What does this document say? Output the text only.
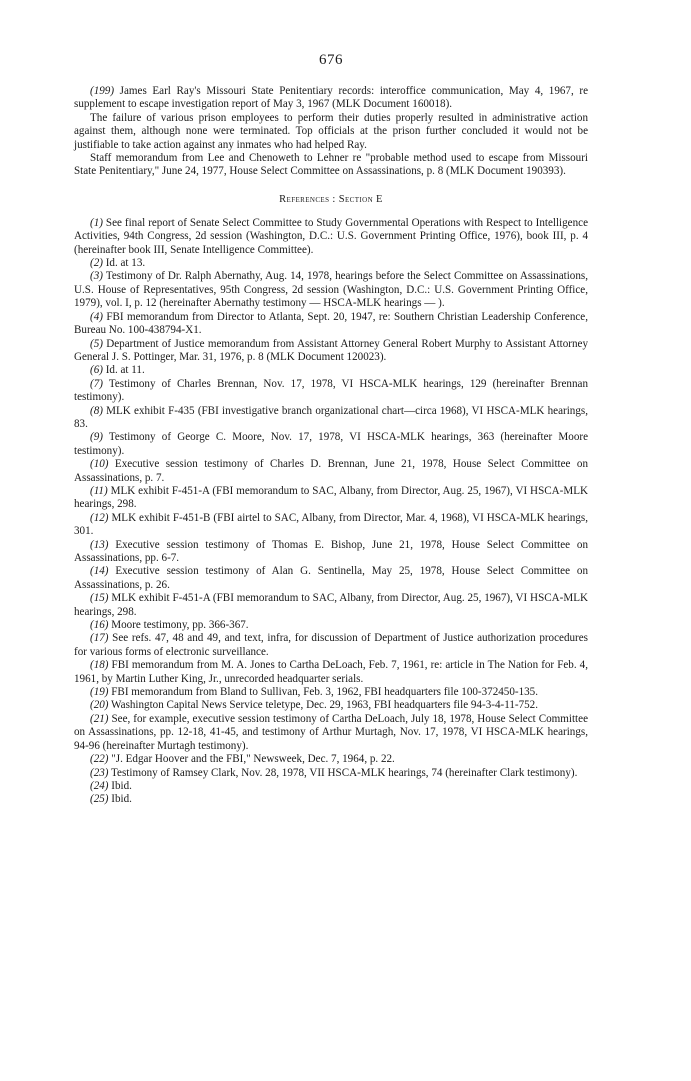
676

(199) James Earl Ray's Missouri State Penitentiary records: interoffice communication, May 4, 1967, re supplement to escape investigation report of May 3, 1967 (MLK Document 160018).

The failure of various prison employees to perform their duties properly resulted in administrative action against them, although none were terminated. Top officials at the prison further concluded it would not be justifiable to take action against any inmates who had helped Ray.

Staff memorandum from Lee and Chenoweth to Lehner re "probable method used to escape from Missouri State Penitentiary," June 24, 1977, House Select Committee on Assassinations, p. 8 (MLK Document 190393).

References : Section E

(1) See final report of Senate Select Committee to Study Governmental Operations with Respect to Intelligence Activities, 94th Congress, 2d session (Washington, D.C.: U.S. Government Printing Office, 1976), book III, p. 4 (hereinafter book III, Senate Intelligence Committee).

(2) Id. at 13.

(3) Testimony of Dr. Ralph Abernathy, Aug. 14, 1978, hearings before the Select Committee on Assassinations, U.S. House of Representatives, 95th Congress, 2d session (Washington, D.C.: U.S. Government Printing Office, 1979), vol. I, p. 12 (hereinafter Abernathy testimony — HSCA-MLK hearings — ).

(4) FBI memorandum from Director to Atlanta, Sept. 20, 1947, re: Southern Christian Leadership Conference, Bureau No. 100-438794-X1.

(5) Department of Justice memorandum from Assistant Attorney General Robert Murphy to Assistant Attorney General J. S. Pottinger, Mar. 31, 1976, p. 8 (MLK Document 120023).

(6) Id. at 11.

(7) Testimony of Charles Brennan, Nov. 17, 1978, VI HSCA-MLK hearings, 129 (hereinafter Brennan testimony).

(8) MLK exhibit F-435 (FBI investigative branch organizational chart—circa 1968), VI HSCA-MLK hearings, 83.

(9) Testimony of George C. Moore, Nov. 17, 1978, VI HSCA-MLK hearings, 363 (hereinafter Moore testimony).

(10) Executive session testimony of Charles D. Brennan, June 21, 1978, House Select Committee on Assassinations, p. 7.

(11) MLK exhibit F-451-A (FBI memorandum to SAC, Albany, from Director, Aug. 25, 1967), VI HSCA-MLK hearings, 298.

(12) MLK exhibit F-451-B (FBI airtel to SAC, Albany, from Director, Mar. 4, 1968), VI HSCA-MLK hearings, 301.

(13) Executive session testimony of Thomas E. Bishop, June 21, 1978, House Select Committee on Assassinations, pp. 6-7.

(14) Executive session testimony of Alan G. Sentinella, May 25, 1978, House Select Committee on Assassinations, p. 26.

(15) MLK exhibit F-451-A (FBI memorandum to SAC, Albany, from Director, Aug. 25, 1967), VI HSCA-MLK hearings, 298.

(16) Moore testimony, pp. 366-367.

(17) See refs. 47, 48 and 49, and text, infra, for discussion of Department of Justice authorization procedures for various forms of electronic surveillance.

(18) FBI memorandum from M. A. Jones to Cartha DeLoach, Feb. 7, 1961, re: article in The Nation for Feb. 4, 1961, by Martin Luther King, Jr., unrecorded headquarter serials.

(19) FBI memorandum from Bland to Sullivan, Feb. 3, 1962, FBI headquarters file 100-372450-135.

(20) Washington Capital News Service teletype, Dec. 29, 1963, FBI headquarters file 94-3-4-11-752.

(21) See, for example, executive session testimony of Cartha DeLoach, July 18, 1978, House Select Committee on Assassinations, pp. 12-18, 41-45, and testimony of Arthur Murtagh, Nov. 17, 1978, VI HSCA-MLK hearings, 94-96 (hereinafter Murtagh testimony).

(22) "J. Edgar Hoover and the FBI," Newsweek, Dec. 7, 1964, p. 22.

(23) Testimony of Ramsey Clark, Nov. 28, 1978, VII HSCA-MLK hearings, 74 (hereinafter Clark testimony).

(24) Ibid.

(25) Ibid.
